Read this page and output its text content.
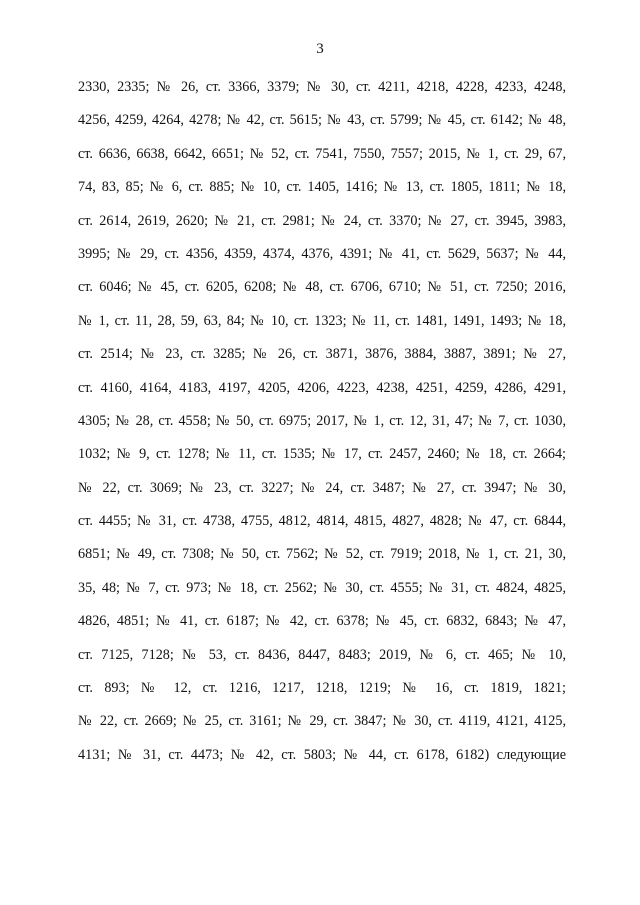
3
2330, 2335; № 26, ст. 3366, 3379; № 30, ст. 4211, 4218, 4228, 4233, 4248,
4256, 4259, 4264, 4278; № 42, ст. 5615; № 43, ст. 5799; № 45, ст. 6142; № 48,
ст. 6636, 6638, 6642, 6651; № 52, ст. 7541, 7550, 7557; 2015, № 1, ст. 29, 67,
74, 83, 85; № 6, ст. 885; № 10, ст. 1405, 1416; № 13, ст. 1805, 1811; № 18,
ст. 2614, 2619, 2620; № 21, ст. 2981; № 24, ст. 3370; № 27, ст. 3945, 3983,
3995; № 29, ст. 4356, 4359, 4374, 4376, 4391; № 41, ст. 5629, 5637; № 44,
ст. 6046; № 45, ст. 6205, 6208; № 48, ст. 6706, 6710; № 51, ст. 7250; 2016,
№ 1, ст. 11, 28, 59, 63, 84; № 10, ст. 1323; № 11, ст. 1481, 1491, 1493; № 18,
ст. 2514; № 23, ст. 3285; № 26, ст. 3871, 3876, 3884, 3887, 3891; № 27,
ст. 4160, 4164, 4183, 4197, 4205, 4206, 4223, 4238, 4251, 4259, 4286, 4291,
4305; № 28, ст. 4558; № 50, ст. 6975; 2017, № 1, ст. 12, 31, 47; № 7, ст. 1030,
1032; № 9, ст. 1278; № 11, ст. 1535; № 17, ст. 2457, 2460; № 18, ст. 2664;
№ 22, ст. 3069; № 23, ст. 3227; № 24, ст. 3487; № 27, ст. 3947; № 30,
ст. 4455; № 31, ст. 4738, 4755, 4812, 4814, 4815, 4827, 4828; № 47, ст. 6844,
6851; № 49, ст. 7308; № 50, ст. 7562; № 52, ст. 7919; 2018, № 1, ст. 21, 30,
35, 48; № 7, ст. 973; № 18, ст. 2562; № 30, ст. 4555; № 31, ст. 4824, 4825,
4826, 4851; № 41, ст. 6187; № 42, ст. 6378; № 45, ст. 6832, 6843; № 47,
ст. 7125, 7128; № 53, ст. 8436, 8447, 8483; 2019, № 6, ст. 465; № 10,
ст. 893; № 12, ст. 1216, 1217, 1218, 1219; № 16, ст. 1819, 1821;
№ 22, ст. 2669; № 25, ст. 3161; № 29, ст. 3847; № 30, ст. 4119, 4121, 4125,
4131; № 31, ст. 4473; № 42, ст. 5803; № 44, ст. 6178, 6182) следующие
